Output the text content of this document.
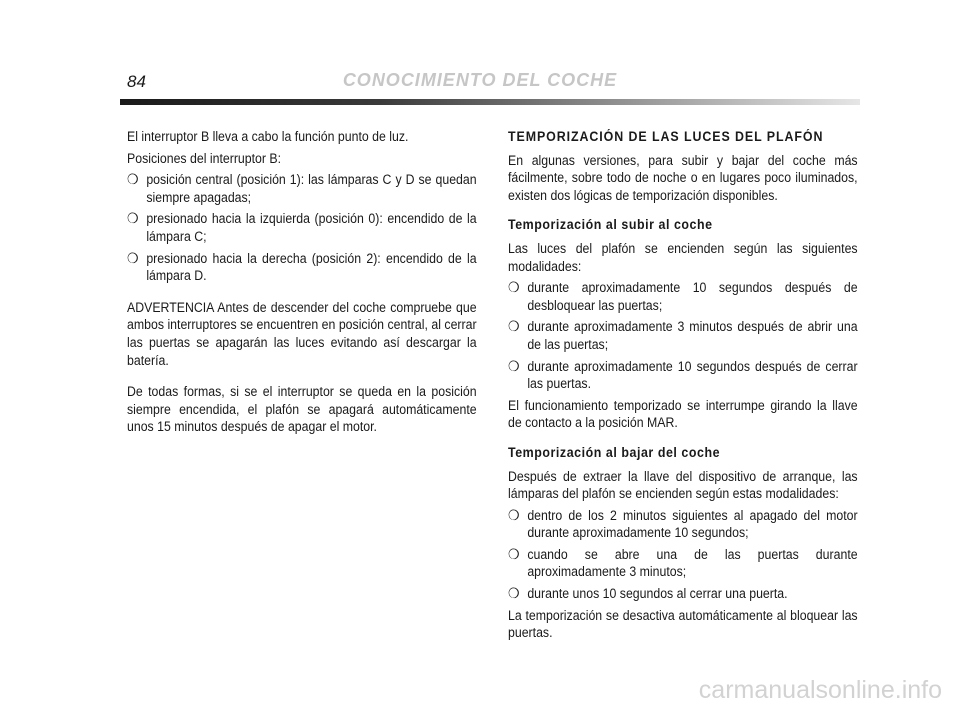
84	CONOCIMIENTO DEL COCHE

El interruptor B lleva a cabo la función punto de luz.

Posiciones del interruptor B:

❍ posición central (posición 1): las lámparas C y D se quedan siempre apagadas;
❍ presionado hacia la izquierda (posición 0): encendido de la lámpara C;
❍ presionado hacia la derecha (posición 2): encendido de la lámpara D.

ADVERTENCIA Antes de descender del coche compruebe que ambos interruptores se encuentren en posición central, al cerrar las puertas se apagarán las luces evitando así descargar la batería.

De todas formas, si se el interruptor se queda en la posición siempre encendida, el plafón se apagará automáticamente unos 15 minutos después de apagar el motor.

TEMPORIZACIÓN DE LAS LUCES DEL PLAFÓN

En algunas versiones, para subir y bajar del coche más fácilmente, sobre todo de noche o en lugares poco iluminados, existen dos lógicas de temporización disponibles.

Temporización al subir al coche

Las luces del plafón se encienden según las siguientes modalidades:

❍ durante aproximadamente 10 segundos después de desbloquear las puertas;
❍ durante aproximadamente 3 minutos después de abrir una de las puertas;
❍ durante aproximadamente 10 segundos después de cerrar las puertas.

El funcionamiento temporizado se interrumpe girando la llave de contacto a la posición MAR.

Temporización al bajar del coche

Después de extraer la llave del dispositivo de arranque, las lámparas del plafón se encienden según estas modalidades:

❍ dentro de los 2 minutos siguientes al apagado del motor durante aproximadamente 10 segundos;
❍ cuando se abre una de las puertas durante aproximadamente 3 minutos;
❍ durante unos 10 segundos al cerrar una puerta.

La temporización se desactiva automáticamente al bloquear las puertas.

carmanualsonline.info
